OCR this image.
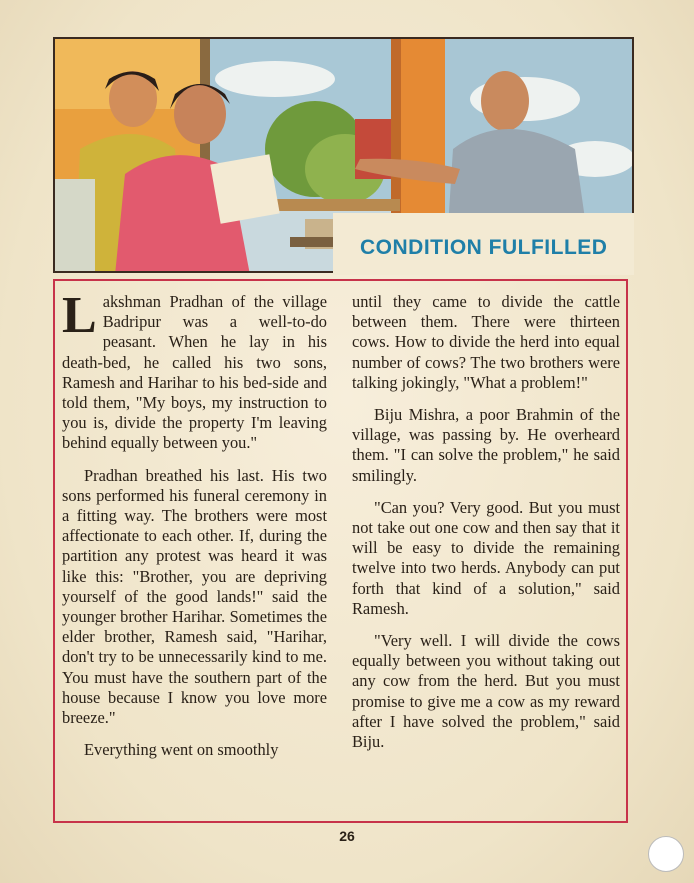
CONDITION FULFILLED

Lakshman Pradhan of the village Badripur was a well-to-do peasant. When he lay in his death-bed, he called his two sons, Ramesh and Harihar to his bed-side and told them, "My boys, my instruction to you is, divide the property I'm leaving behind equally between you."

Pradhan breathed his last. His two sons performed his funeral ceremony in a fitting way. The brothers were most affectionate to each other. If, during the partition any protest was heard it was like this: "Brother, you are depriving yourself of the good lands!" said the younger brother Harihar. Sometimes the elder brother, Ramesh said, "Harihar, don't try to be unnecessarily kind to me. You must have the southern part of the house because I know you love more breeze."

Everything went on smoothly

until they came to divide the cattle between them. There were thirteen cows. How to divide the herd into equal number of cows? The two brothers were talking jokingly, "What a problem!"

Biju Mishra, a poor Brahmin of the village, was passing by. He overheard them. "I can solve the problem," he said smilingly.

"Can you? Very good. But you must not take out one cow and then say that it will be easy to divide the remaining twelve into two herds. Anybody can put forth that kind of a solution," said Ramesh.

"Very well. I will divide the cows equally between you without taking out any cow from the herd. But you must promise to give me a cow as my reward after I have solved the problem," said Biju.

26
